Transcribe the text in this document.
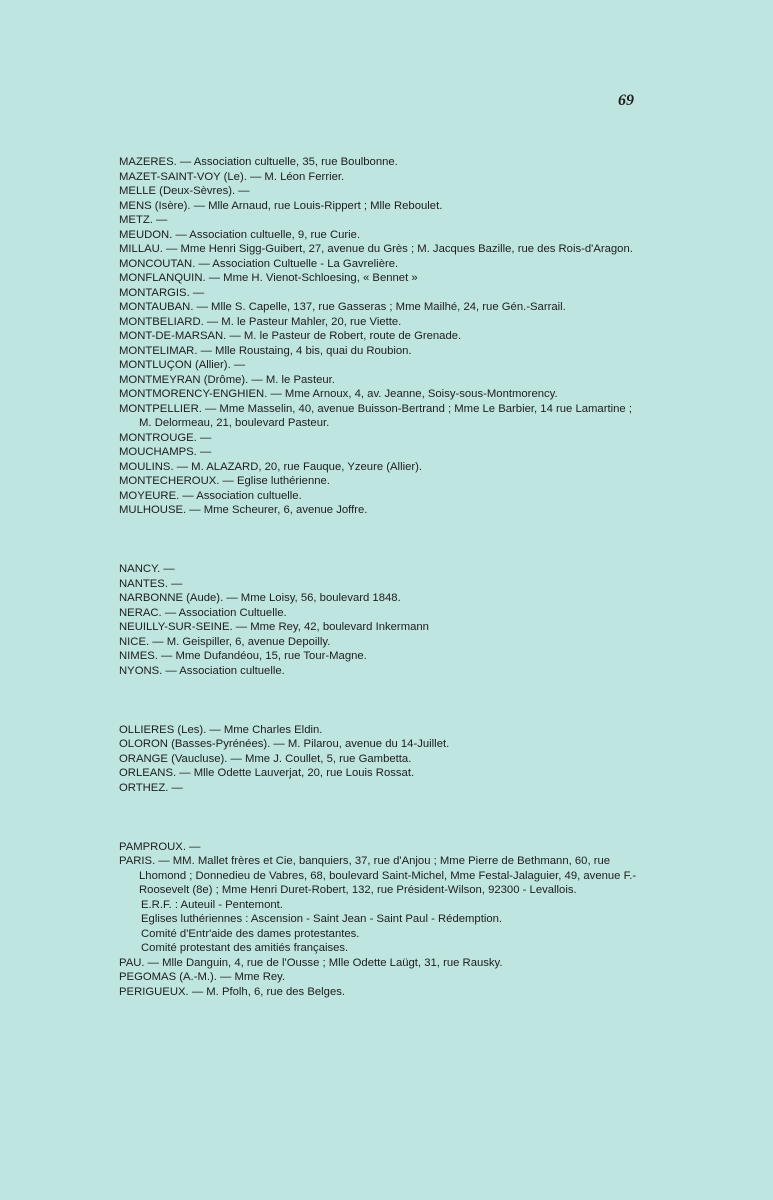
69

MAZERES. — Association cultuelle, 35, rue Boulbonne.

MAZET-SAINT-VOY (Le). — M. Léon Ferrier.

MELLE (Deux-Sèvres). —

MENS (Isère). — Mlle Arnaud, rue Louis-Rippert ; Mlle Reboulet.

METZ. —

MEUDON. — Association cultuelle, 9, rue Curie.

MILLAU. — Mme Henri Sigg-Guibert, 27, avenue du Grès ; M. Jacques Bazille, rue des Rois-d'Aragon.

MONCOUTAN. — Association Cultuelle - La Gavrelière.

MONFLANQUIN. — Mme H. Vienot-Schloesing, « Bennet »

MONTARGIS. —

MONTAUBAN. — Mlle S. Capelle, 137, rue Gasseras ; Mme Mailhé, 24, rue Gén.-Sarrail.

MONTBELIARD. — M. le Pasteur Mahler, 20, rue Viette.

MONT-DE-MARSAN. — M. le Pasteur de Robert, route de Grenade.

MONTELIMAR. — Mlle Roustaing, 4 bis, quai du Roubion.

MONTLUÇON (Allier). —

MONTMEYRAN (Drôme). — M. le Pasteur.

MONTMORENCY-ENGHIEN. — Mme Arnoux, 4, av. Jeanne, Soisy-sous-Montmorency.

MONTPELLIER. — Mme Masselin, 40, avenue Buisson-Bertrand ; Mme Le Barbier, 14 rue Lamartine ; M. Delormeau, 21, boulevard Pasteur.

MONTROUGE. —

MOUCHAMPS. —

MOULINS. — M. ALAZARD, 20, rue Fauque, Yzeure (Allier).

MONTECHEROUX. — Eglise luthérienne.

MOYEURE. — Association cultuelle.

MULHOUSE. — Mme Scheurer, 6, avenue Joffre.

NANCY. —

NANTES. —

NARBONNE (Aude). — Mme Loisy, 56, boulevard 1848.

NERAC. — Association Cultuelle.

NEUILLY-SUR-SEINE. — Mme Rey, 42, boulevard Inkermann

NICE. — M. Geispiller, 6, avenue Depoilly.

NIMES. — Mme Dufandéou, 15, rue Tour-Magne.

NYONS. — Association cultuelle.

OLLIERES (Les). — Mme Charles Eldin.

OLORON (Basses-Pyrénées). — M. Pilarou, avenue du 14-Juillet.

ORANGE (Vaucluse). — Mme J. Coullet, 5, rue Gambetta.

ORLEANS. — Mlle Odette Lauverjat, 20, rue Louis Rossat.

ORTHEZ. —

PAMPROUX. —

PARIS. — MM. Mallet frères et Cie, banquiers, 37, rue d'Anjou ; Mme Pierre de Bethmann, 60, rue Lhomond ; Donnedieu de Vabres, 68, boulevard Saint-Michel, Mme Festal-Jalaguier, 49, avenue F.-Roosevelt (8e) ; Mme Henri Duret-Robert, 132, rue Président-Wilson, 92300 - Levallois.

E.R.F. : Auteuil - Pentemont.

Eglises luthériennes : Ascension - Saint Jean - Saint Paul - Rédemption.

Comité d'Entr'aide des dames protestantes.

Comité protestant des amitiés françaises.

PAU. — Mlle Danguin, 4, rue de l'Ousse ; Mlle Odette Laügt, 31, rue Rausky.

PEGOMAS (A.-M.). — Mme Rey.

PERIGUEUX. — M. Pfolh, 6, rue des Belges.
